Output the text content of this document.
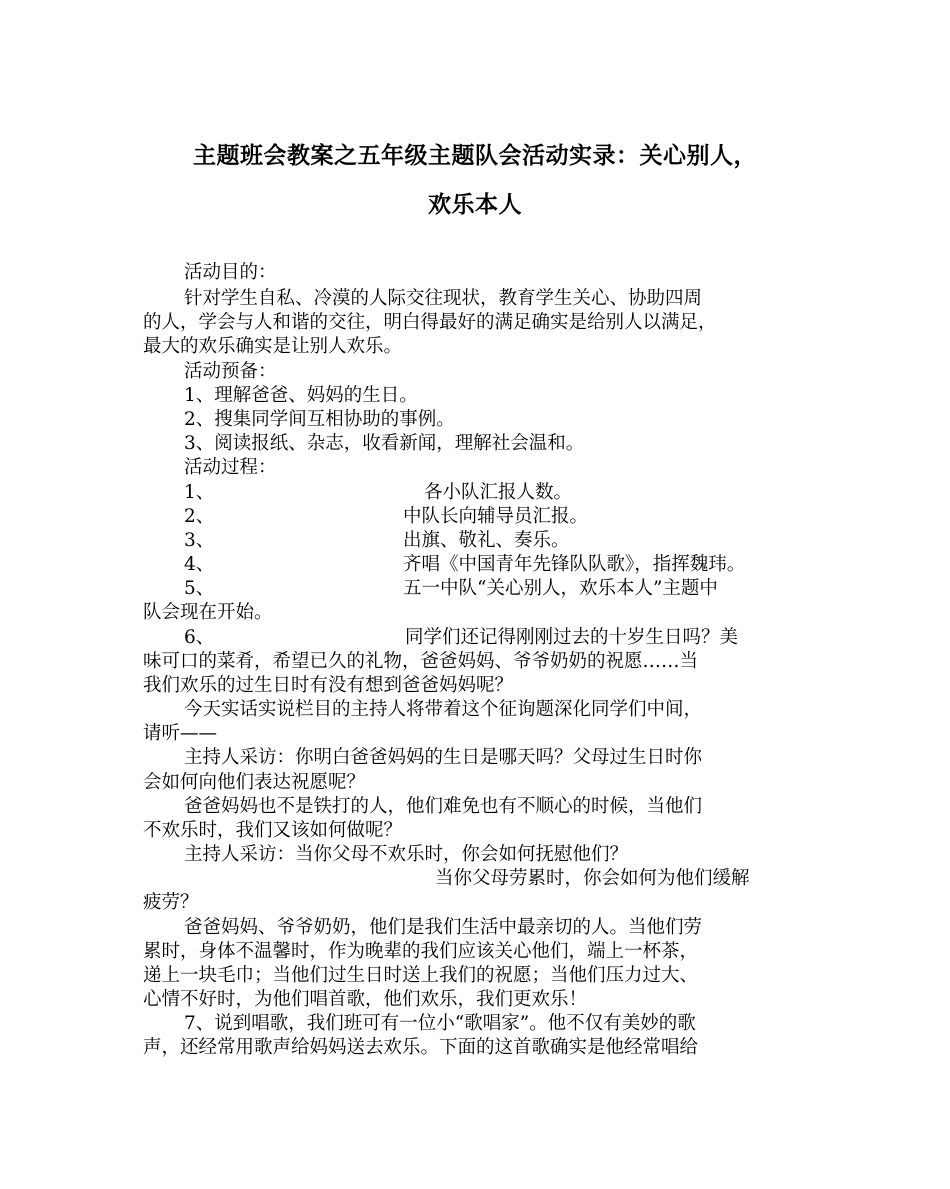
主题班会教案之五年级主题队会活动实录：关心别人，
欢乐本人
活动目的：
针对学生自私、冷漠的人际交往现状，教育学生关心、协助四周
的人，学会与人和谐的交往，明白得最好的满足确实是给别人以满足，
最大的欢乐确实是让别人欢乐。
活动预备：
1、理解爸爸、妈妈的生日。
2、搜集同学间互相协助的事例。
3、阅读报纸、杂志，收看新闻，理解社会温和。
活动过程：
1、	各小队汇报人数。
2、	中队长向辅导员汇报。
3、	出旗、敬礼、奏乐。
4、	齐唱《中国青年先锋队队歌》，指挥魏玮。
5、	五一中队“关心别人，欢乐本人”主题中
队会现在开始。
6、	同学们还记得刚刚过去的十岁生日吗？美
味可口的菜肴，希望已久的礼物，爸爸妈妈、爷爷奶奶的祝愿……当
我们欢乐的过生日时有没有想到爸爸妈妈呢？
今天实话实说栏目的主持人将带着这个征询题深化同学们中间，
请听——
主持人采访：你明白爸爸妈妈的生日是哪天吗？父母过生日时你
会如何向他们表达祝愿呢？
爸爸妈妈也不是铁打的人，他们难免也有不顺心的时候，当他们
不欢乐时，我们又该如何做呢？
主持人采访：当你父母不欢乐时，你会如何抚慰他们？
当你父母劳累时，你会如何为他们缓解
疲劳？
爸爸妈妈、爷爷奶奶，他们是我们生活中最亲切的人。当他们劳
累时，身体不温馨时，作为晚辈的我们应该关心他们，端上一杯茶，
递上一块毛巾；当他们过生日时送上我们的祝愿；当他们压力过大、
心情不好时，为他们唱首歌，他们欢乐，我们更欢乐！
7、说到唱歌，我们班可有一位小“歌唱家”。他不仅有美妙的歌
声，还经常用歌声给妈妈送去欢乐。下面的这首歌确实是他经常唱给
